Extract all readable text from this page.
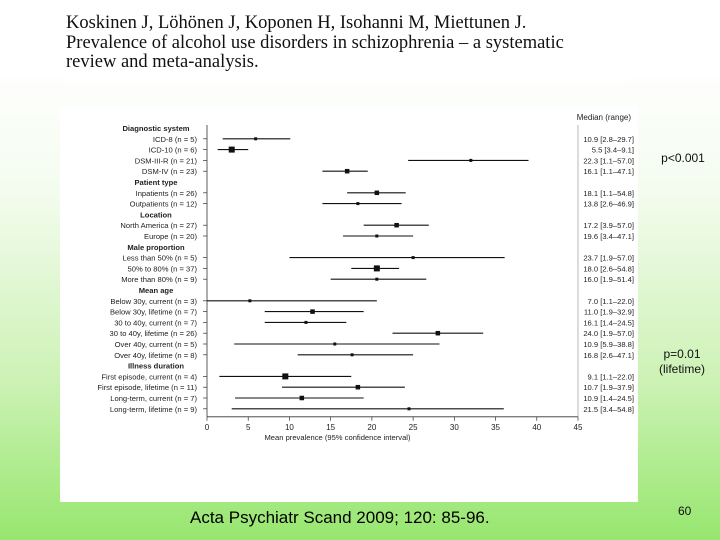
Koskinen J, Löhönen J, Koponen H, Isohanni M, Miettunen J.
Prevalence of alcohol use disorders in schizophrenia – a systematic
review and meta-analysis.
Median (range)
Diagnostic system
ICD-8 (n = 5)	10.9 [2.8–29.7]
ICD-10 (n = 6)	5.5 [3.4–9.1]
DSM-III-R (n = 21)	22.3 [1.1–57.0]
DSM-IV (n = 23)	16.1 [1.1–47.1]
Patient type
Inpatients (n = 26)	18.1 [1.1–54.8]
Outpatients (n = 12)	13.8 [2.6–46.9]
Location
North America (n = 27)	17.2 [3.9–57.0]
Europe (n = 20)	19.6 [3.4–47.1]
Male proportion
Less than 50% (n = 5)	23.7 [1.9–57.0]
50% to 80% (n = 37)	18.0 [2.6–54.8]
More than 80% (n = 9)	16.0 [1.9–51.4]
Mean age
Below 30y, current (n = 3)	7.0 [1.1–22.0]
Below 30y, lifetime (n = 7)	11.0 [1.9–32.9]
30 to 40y, current (n = 7)	16.1 [1.4–24.5]
30 to 40y, lifetime (n = 26)	24.0 [1.9–57.0]
Over 40y, current (n = 5)	10.9 [5.9–38.8]
Over 40y, lifetime (n = 8)	16.8 [2.6–47.1]
Illness duration
First episode, current (n = 4)	9.1 [1.1–22.0]
First episode, lifetime (n = 11)	10.7 [1.9–37.9]
Long-term, current (n = 7)	10.9 [1.4–24.5]
Long-term, lifetime (n = 9)	21.5 [3.4–54.8]
0	5	10	15	20	25	30	35	40	45
Mean prevalence (95% confidence interval)
p<0.001
p=0.01
(lifetime)
Acta Psychiatr Scand 2009; 120: 85-96.	60
